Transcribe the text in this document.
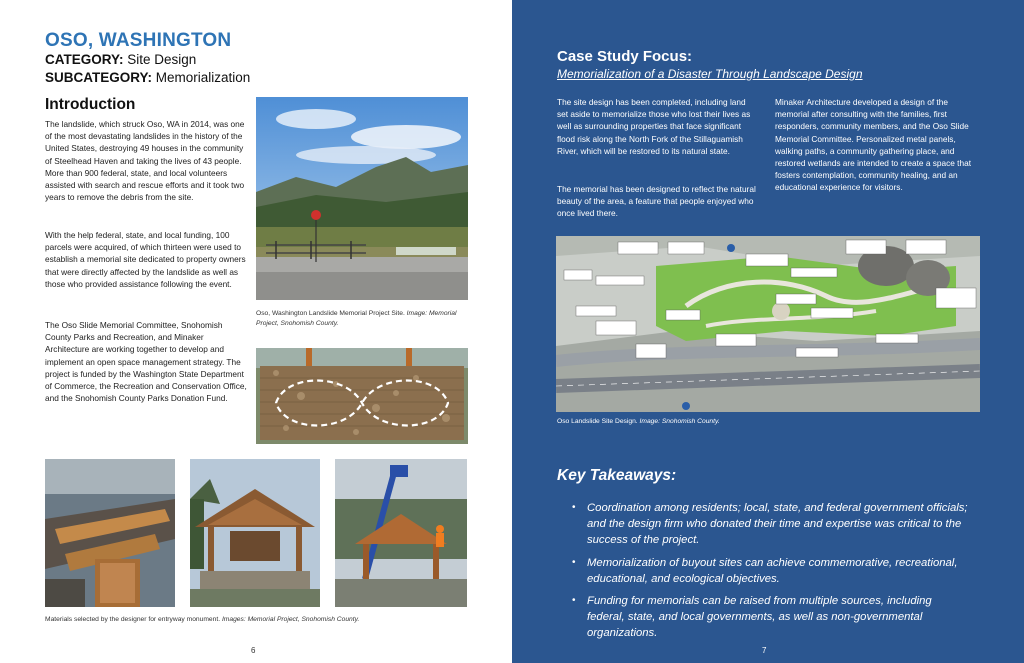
OSO, WASHINGTON
CATEGORY: Site Design
SUBCATEGORY: Memorialization
Introduction

The landslide, which struck Oso, WA in 2014, was one of the most devastating landslides in the history of the United States, destroying 49 houses in the community of Steelhead Haven and taking the lives of 43 people. More than 900 federal, state, and local volunteers assisted with search and rescue efforts and it took two years to remove the debris from the site.

With the help federal, state, and local funding, 100 parcels were acquired, of which thirteen were used to establish a memorial site dedicated to property owners that were directly affected by the landslide as well as those who provided assistance following the event.

The Oso Slide Memorial Committee, Snohomish County Parks and Recreation, and Minaker Architecture are working together to develop and implement an open space management strategy. The project is funded by the Washington State Department of Commerce, the Recreation and Conservation Office, and the Snohomish County Parks Donation Fund.

Oso, Washington Landslide Memorial Project Site. Image: Memorial Project, Snohomish County.
Materials selected by the designer for entryway monument. Images: Memorial Project, Snohomish County.
6
Case Study Focus:
Memorialization of a Disaster Through Landscape Design

The site design has been completed, including land set aside to memorialize those who lost their lives as well as surrounding properties that face significant flood risk along the North Fork of the Stillaguamish River, which will be restored to its natural state.

The memorial has been designed to reflect the natural beauty of the area, a feature that people enjoyed who once lived there.

Minaker Architecture developed a design of the memorial after consulting with the families, first responders, community members, and the Oso Slide Memorial Committee. Personalized metal panels, walking paths, a community gathering place, and restored wetlands are intended to create a space that fosters contemplation, community healing, and an educational experience for visitors.

Oso Landslide Site Design. Image: Snohomish County.
Key Takeaways:
• Coordination among residents; local, state, and federal government officials; and the design firm who donated their time and expertise was critical to the success of the project.
• Memorialization of buyout sites can achieve commemorative, recreational, educational, and ecological objectives.
• Funding for memorials can be raised from multiple sources, including federal, state, and local governments, as well as non-governmental organizations.
7
